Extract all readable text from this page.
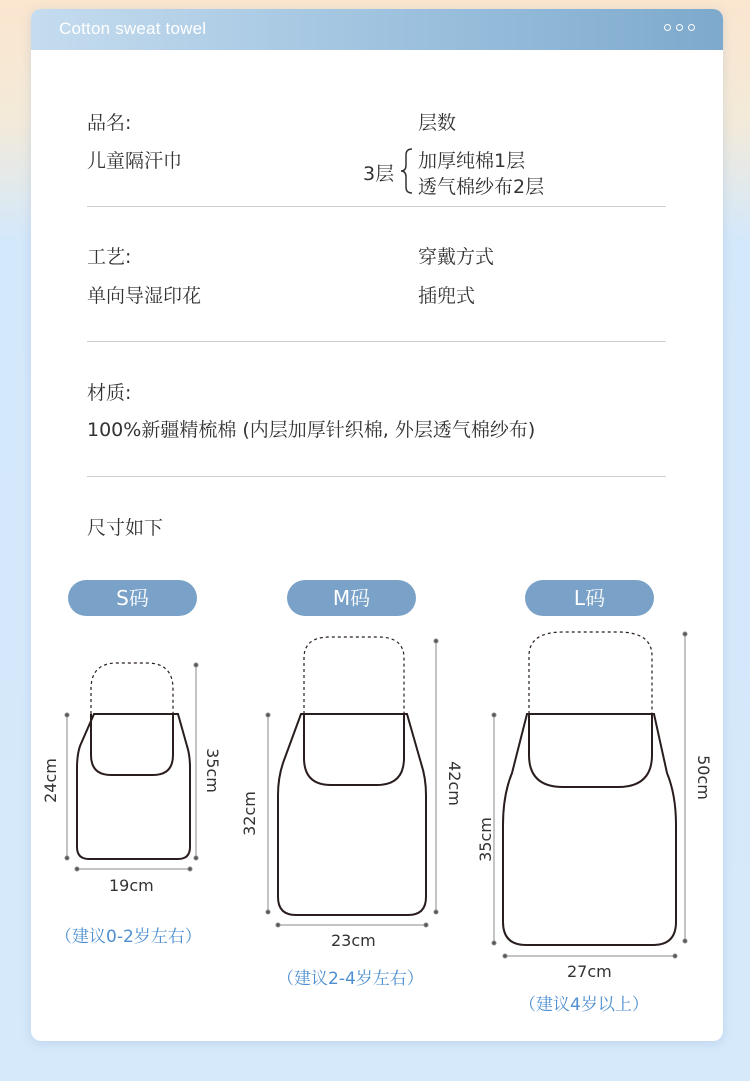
Cotton sweat towel
品名:
儿童隔汗巾
层数
3层
加厚纯棉1层
透气棉纱布2层
工艺:
单向导湿印花
穿戴方式
插兜式
材质:
100%新疆精梳棉 (内层加厚针织棉, 外层透气棉纱布)
尺寸如下
S码	M码	L码
24cm	35cm
19cm
（建议0-2岁左右）
32cm
42cm
23cm
（建议2-4岁左右）
35cm
50cm
27cm
（建议4岁以上）
